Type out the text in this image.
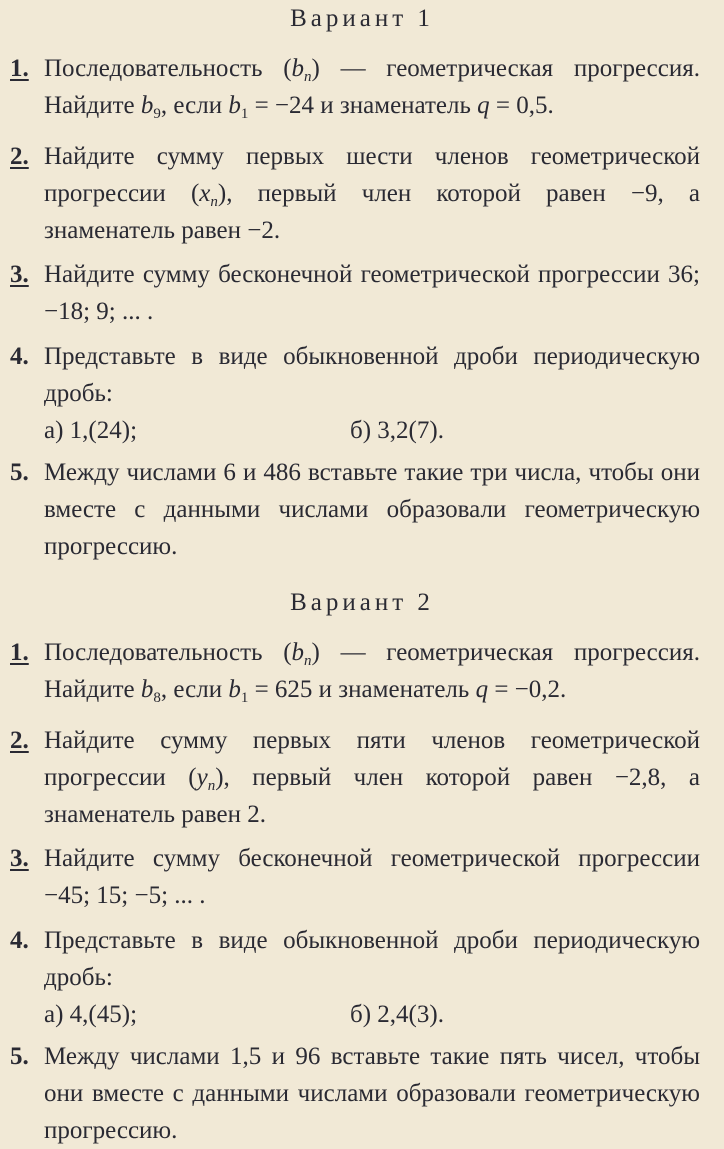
Вариант 1
1. Последовательность $(b_n)$ — геометрическая прогрессия. Найдите $b_9$, если $b_1 = -24$ и знаменатель q = 0,5.
2. Найдите сумму первых шести членов геометрической прогрессии $(x_n)$, первый член которой равен −9, а знаменатель равен −2.
3. Найдите сумму бесконечной геометрической прогрессии 36; −18; 9; ... .
4. Представьте в виде обыкновенной дроби периодическую дробь:
а) 1,(24);	б) 3,2(7).
5. Между числами 6 и 486 вставьте такие три числа, чтобы они вместе с данными числами образовали геометрическую прогрессию.
Вариант 2
1. Последовательность $(b_n)$ — геометрическая прогрессия. Найдите $b_8$, если $b_1 = 625$ и знаменатель q = −0,2.
2. Найдите сумму первых пяти членов геометрической прогрессии $(y_n)$, первый член которой равен −2,8, а знаменатель равен 2.
3. Найдите сумму бесконечной геометрической прогрессии −45; 15; −5; ... .
4. Представьте в виде обыкновенной дроби периодическую дробь:
а) 4,(45);	б) 2,4(3).
5. Между числами 1,5 и 96 вставьте такие пять чисел, чтобы они вместе с данными числами образовали геометрическую прогрессию.
